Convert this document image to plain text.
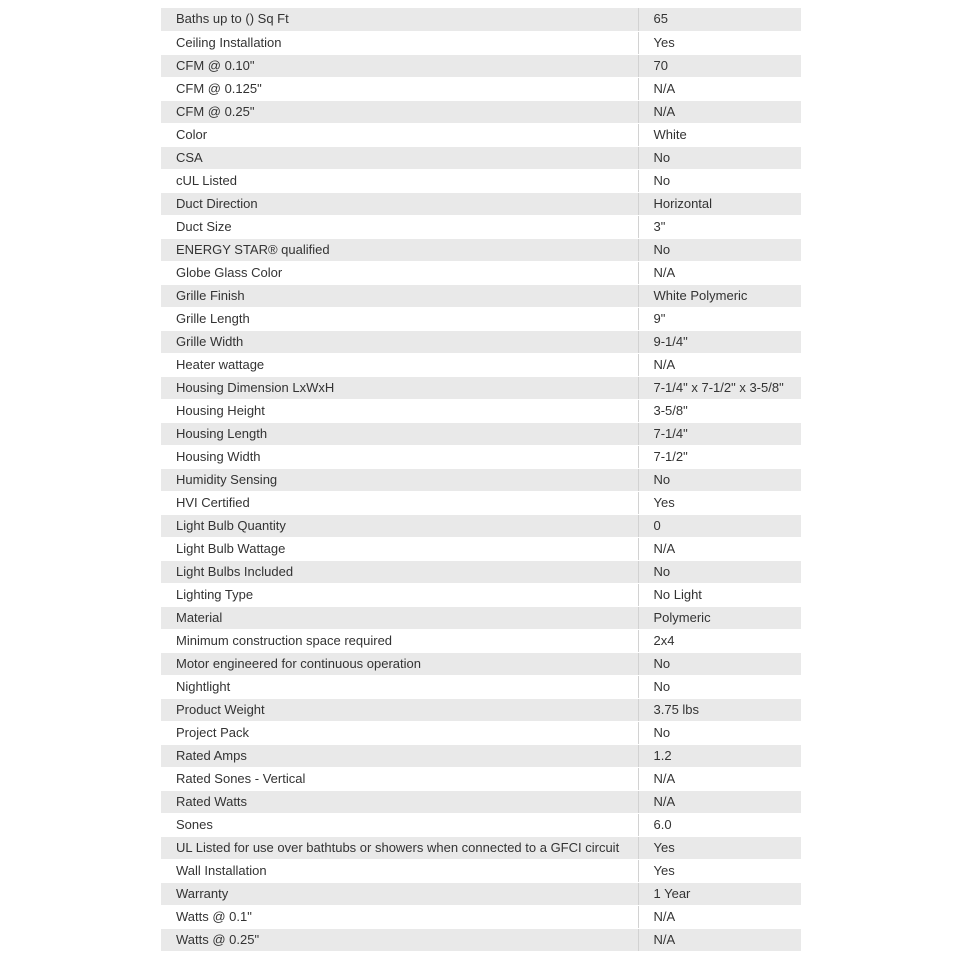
Baths up to () Sq Ft	65
Ceiling Installation	Yes
CFM @ 0.10"	70
CFM @ 0.125"	N/A
CFM @ 0.25"	N/A
Color	White
CSA	No
cUL Listed	No
Duct Direction	Horizontal
Duct Size	3"
ENERGY STAR® qualified	No
Globe Glass Color	N/A
Grille Finish	White Polymeric
Grille Length	9"
Grille Width	9-1/4"
Heater wattage	N/A
Housing Dimension LxWxH	7-1/4" x 7-1/2" x 3-5/8"
Housing Height	3-5/8"
Housing Length	7-1/4"
Housing Width	7-1/2"
Humidity Sensing	No
HVI Certified	Yes
Light Bulb Quantity	0
Light Bulb Wattage	N/A
Light Bulbs Included	No
Lighting Type	No Light
Material	Polymeric
Minimum construction space required	2x4
Motor engineered for continuous operation	No
Nightlight	No
Product Weight	3.75 lbs
Project Pack	No
Rated Amps	1.2
Rated Sones - Vertical	N/A
Rated Watts	N/A
Sones	6.0
UL Listed for use over bathtubs or showers when connected to a GFCI circuit	Yes
Wall Installation	Yes
Warranty	1 Year
Watts @ 0.1"	N/A
Watts @ 0.25"	N/A
